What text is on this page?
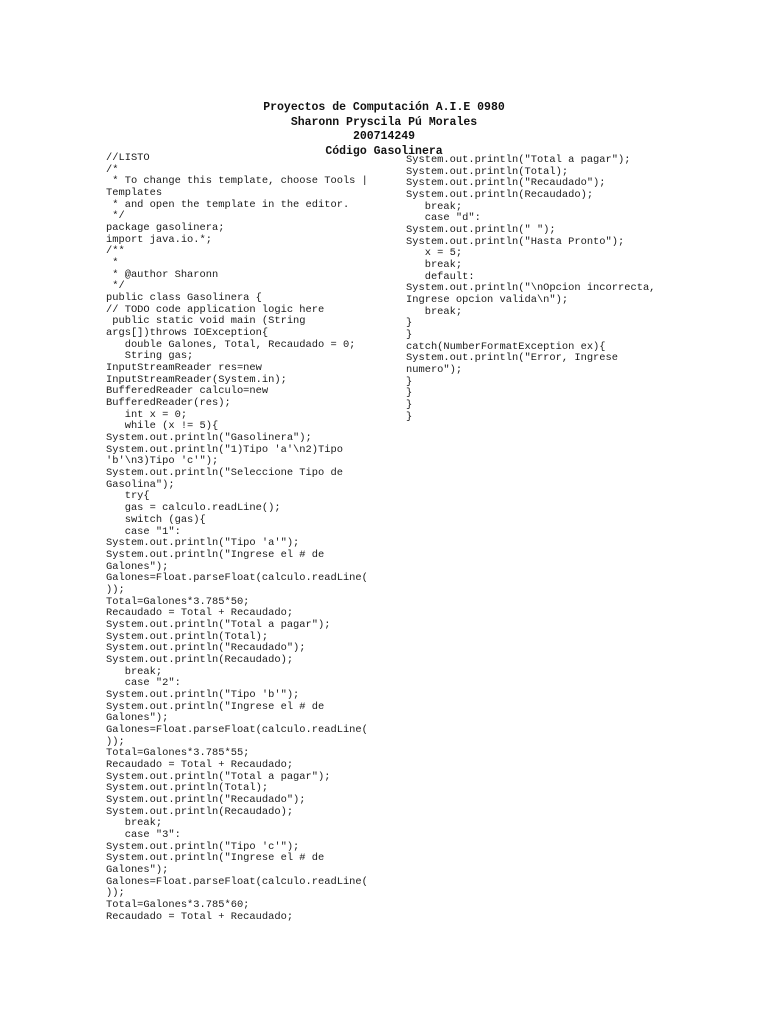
Proyectos de Computación A.I.E 0980
Sharonn Pryscila Pú Morales
200714249
Código Gasolinera
//LISTO
/*
* To change this template, choose Tools |
Templates
* and open the template in the editor.
*/
package gasolinera;
import java.io.*;
/**
*
* @author Sharonn
*/
public class Gasolinera {
// TODO code application logic here
public static void main (String
args[])throws IOException{
double Galones, Total, Recaudado = 0;
String gas;
InputStreamReader res=new
InputStreamReader(System.in);
BufferedReader calculo=new
BufferedReader(res);
int x = 0;
while (x != 5){
System.out.println("Gasolinera");
System.out.println("1)Tipo 'a'\n2)Tipo
'b'\n3)Tipo 'c'");
System.out.println("Seleccione Tipo de
Gasolina");
try{
gas = calculo.readLine();
switch (gas){
case "1":
System.out.println("Tipo 'a'");
System.out.println("Ingrese el # de
Galones");
Galones=Float.parseFloat(calculo.readLine(
));
Total=Galones*3.785*50;
Recaudado = Total + Recaudado;
System.out.println("Total a pagar");
System.out.println(Total);
System.out.println("Recaudado");
System.out.println(Recaudado);
break;
case "2":
System.out.println("Tipo 'b'");
System.out.println("Ingrese el # de
Galones");
Galones=Float.parseFloat(calculo.readLine(
));
Total=Galones*3.785*55;
Recaudado = Total + Recaudado;
System.out.println("Total a pagar");
System.out.println(Total);
System.out.println("Recaudado");
System.out.println(Recaudado);
break;
case "3":
System.out.println("Tipo 'c'");
System.out.println("Ingrese el # de
Galones");
Galones=Float.parseFloat(calculo.readLine(
));
Total=Galones*3.785*60;
Recaudado = Total + Recaudado;
System.out.println("Total a pagar");
System.out.println(Total);
System.out.println("Recaudado");
System.out.println(Recaudado);
break;
case "d":
System.out.println(" ");
System.out.println("Hasta Pronto");
x = 5;
break;
default:
System.out.println("\nOpcion incorrecta,
Ingrese opcion valida\n");
break;
}
}
catch(NumberFormatException ex){
System.out.println("Error, Ingrese
numero");
}
}
}
}
